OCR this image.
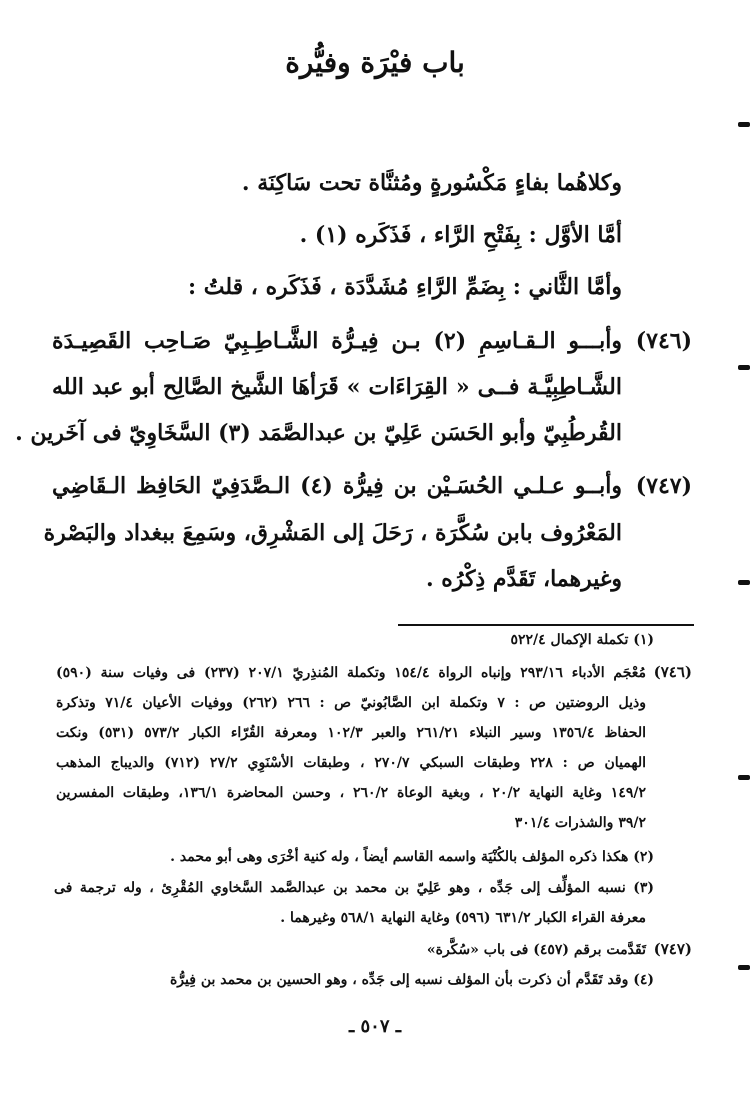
باب فيْرَة وفيُّرة
وكلاهُما بفاءٍ مَكْسُورةٍ ومُثنَّاة تحت سَاكِنَة .
أمَّا الأوَّل : بِفَتْحِ الرَّاء ، فَذَكَره (١) .
وأمَّا الثَّاني : بِضَمِّ الرَّاءِ مُشَدَّدَة ، فَذَكَره ، قلتُ :
(٧٤٦)
وأبـــو الـقـاسِمِ (٢) بـن فِيـرُّة الشَّـاطِـبِيّ صَـاحِب القَصِيـدَة
الشَّـاطِبِيَّـة فــى « القِرَاءَات » قَرَأهَا الشَّيخ الصَّالِح أبو عبد الله
القُرطُبِيّ وأبو الحَسَن عَلِيّ بن عبدالصَّمَد (٣) السَّخَاوِيّ فى آخَرين .
(٧٤٧)
وأبــو عـلـي الحُسَـيْن بن فِيرُّة (٤) الـصَّدَفِيّ الحَافِظ الـقَاضِي
المَعْرُوف بابن سُكَّرَة ، رَحَلَ إلى المَشْرِق، وسَمِعَ ببغداد والبَصْرة
وغيرهما، تَقَدَّم ذِكْرُه .
(١) تكملة الإكمال ٥٢٢/٤
(٧٤٦)
مُعْجَم الأدباء ٢٩٣/١٦ وإنباه الرواة ١٥٤/٤ وتكملة المُنذِريّ ٢٠٧/١ (٢٣٧) فى وفيات سنة (٥٩٠)
وذيل الروضتين ص : ٧ وتكملة ابن الصَّابُونيّ ص : ٢٦٦ (٢٦٢) ووفيات الأعيان ٧١/٤ وتذكرة
الحفاظ ١٣٥٦/٤ وسير النبلاء ٢٦١/٢١ والعبر ١٠٢/٣ ومعرفة القُرّاء الكبار ٥٧٣/٢ (٥٣١) ونكت
الهميان ص : ٢٢٨ وطبقات السبكي ٢٧٠/٧ ، وطبقات الأسْنَوِي ٢٧/٢ (٧١٢) والديباج المذهب
١٤٩/٢ وغاية النهاية ٢٠/٢ ، وبغية الوعاة ٢٦٠/٢ ، وحسن المحاضرة ١٣٦/١، وطبقات المفسرين
٣٩/٢ والشذرات ٣٠١/٤
(٢) هكذا ذكره المؤلف بالكُنْيَة واسمه القاسم أيضاً ، وله كنية أخْرَى وهى أبو محمد .
(٣) نسبه المؤلِّف إلى جَدِّه ، وهو عَلِيّ بن محمد بن عبدالصَّمد السَّخاوي المُقْرِئ ، وله ترجمة فى
معرفة القراء الكبار ٦٣١/٢ (٥٩٦) وغاية النهاية ٥٦٨/١ وغيرهما .
(٧٤٧)
تَقَدَّمت برقم (٤٥٧) فى باب «سُكَّرة»
(٤) وقد تَقَدَّم أن ذكرت بأن المؤلف نسبه إلى جَدِّه ، وهو الحسين بن محمد بن فِيرُّة
ـ ٥٠٧ ـ
